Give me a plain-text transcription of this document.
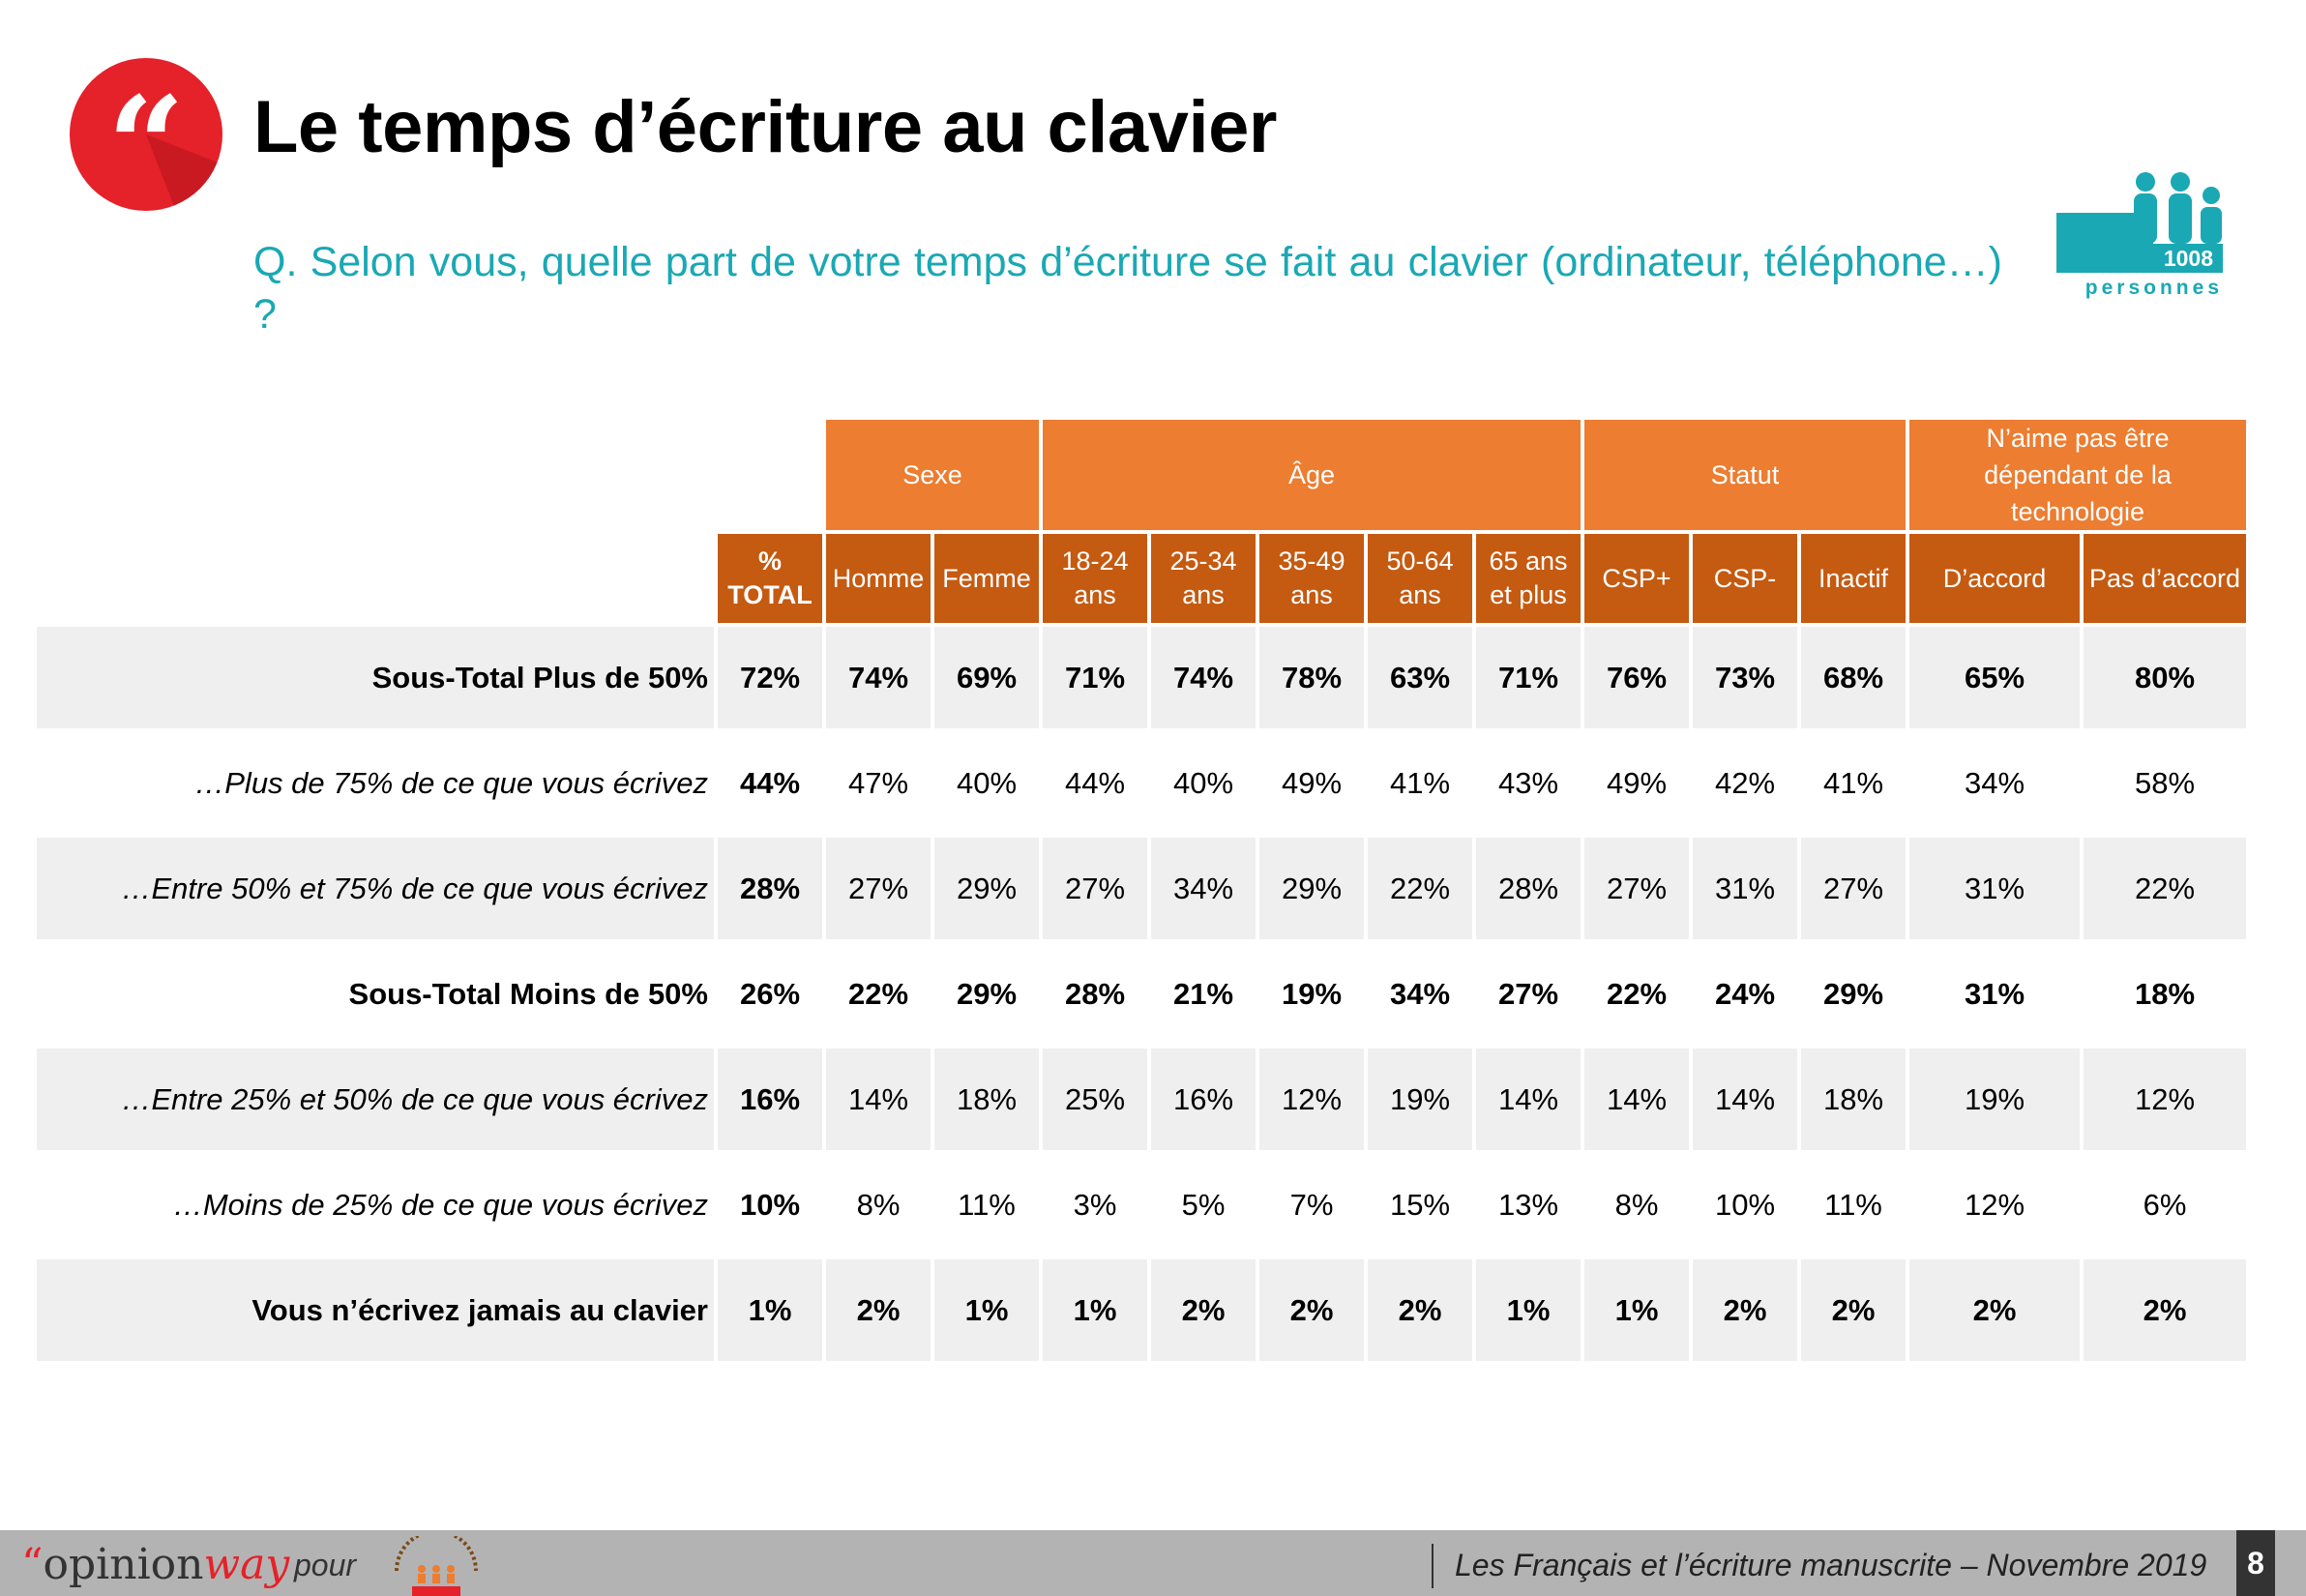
“ Le temps d’écriture au clavier
Q. Selon vous, quelle part de votre temps d’écriture se fait au clavier (ordinateur, téléphone…) ?
1008
personnes
		Sexe		Âge					Statut			N’aime pas être dépendant de la technologie	
	% TOTAL	Homme	Femme	18-24 ans	25-34 ans	35-49 ans	50-64 ans	65 ans et plus	CSP+	CSP-	Inactif	D’accord	Pas d’accord
Sous-Total Plus de 50%	72%	74%	69%	71%	74%	78%	63%	71%	76%	73%	68%	65%	80%
…Plus de 75% de ce que vous écrivez	44%	47%	40%	44%	40%	49%	41%	43%	49%	42%	41%	34%	58%
…Entre 50% et 75% de ce que vous écrivez	28%	27%	29%	27%	34%	29%	22%	28%	27%	31%	27%	31%	22%
Sous-Total Moins de 50%	26%	22%	29%	28%	21%	19%	34%	27%	22%	24%	29%	31%	18%
…Entre 25% et 50% de ce que vous écrivez	16%	14%	18%	25%	16%	12%	19%	14%	14%	14%	18%	19%	12%
…Moins de 25% de ce que vous écrivez	10%	8%	11%	3%	5%	7%	15%	13%	8%	10%	11%	12%	6%
Vous n’écrivez jamais au clavier	1%	2%	1%	1%	2%	2%	2%	1%	1%	2%	2%	2%	2%
“opinionway pour	Les Français et l’écriture manuscrite – Novembre 2019	8
